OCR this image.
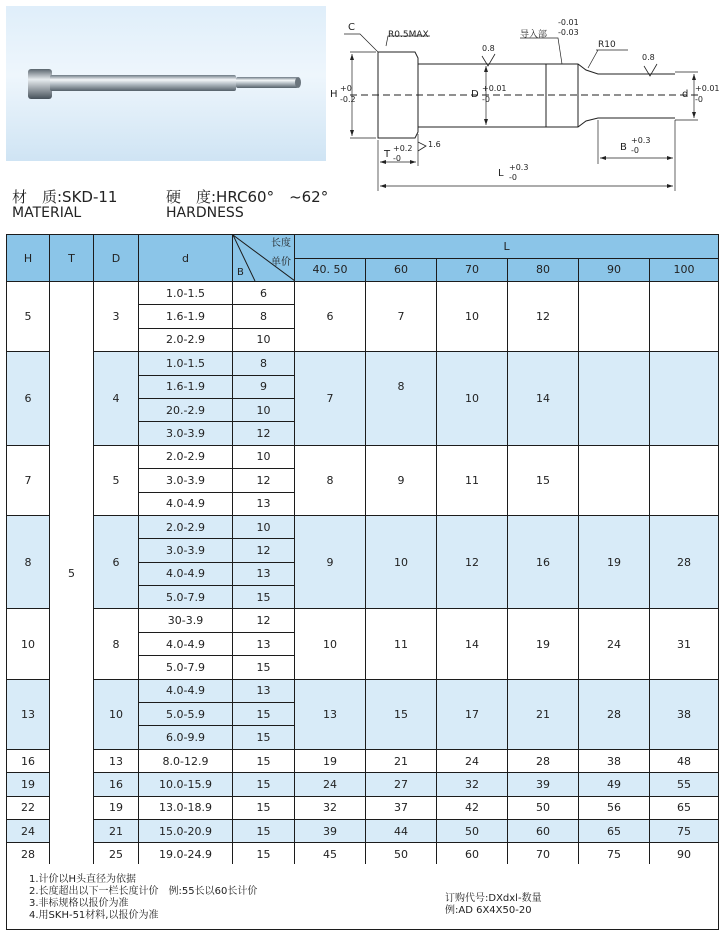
C
R0.5MAX	导入部
-0.01
-0.03
R10
0.8
0.8
1.6
H
+0
-0.2	D
+0.01
-0	d
+0.01
-0
T
+0.2
-0
B
+0.3
-0
L
+0.3
-0
材　质:SKD-11
MATERIAL
硬　度:HRC60°　~62°
HARDNESS
H	T	D	d	长度
B
单价	L					
					40. 50	60	70	80	90	100
5	5	3	1.0-1.5	6	6	7	10	12		
			1.6-1.9	8						
			2.0-2.9	10						
6		4	1.0-1.5	8	7	8	10	14		
			1.6-1.9	9						
			20.-2.9	10						
			3.0-3.9	12						
7		5	2.0-2.9	10	8	9	11	15		
			3.0-3.9	12						
			4.0-4.9	13						
8		6	2.0-2.9	10	9	10	12	16	19	28
			3.0-3.9	12						
			4.0-4.9	13						
			5.0-7.9	15						
10		8	30-3.9	12	10	11	14	19	24	31
			4.0-4.9	13						
			5.0-7.9	15						
13		10	4.0-4.9	13	13	15	17	21	28	38
			5.0-5.9	15						
			6.0-9.9	15						
16		13	8.0-12.9	15	19	21	24	28	38	48
19		16	10.0-15.9	15	24	27	32	39	49	55
22		19	13.0-18.9	15	32	37	42	50	56	65
24		21	15.0-20.9	15	39	44	50	60	65	75
28		25	19.0-24.9	15	45	50	60	70	75	90
1.计价以H头直径为依据
2.长度超出以下一栏长度计价　例:55长以60长计价
3.非标规格以报价为准
4.用SKH-51材料,以报价为准
订购代号:DXdxl-数量
例:AD 6X4X50-20
